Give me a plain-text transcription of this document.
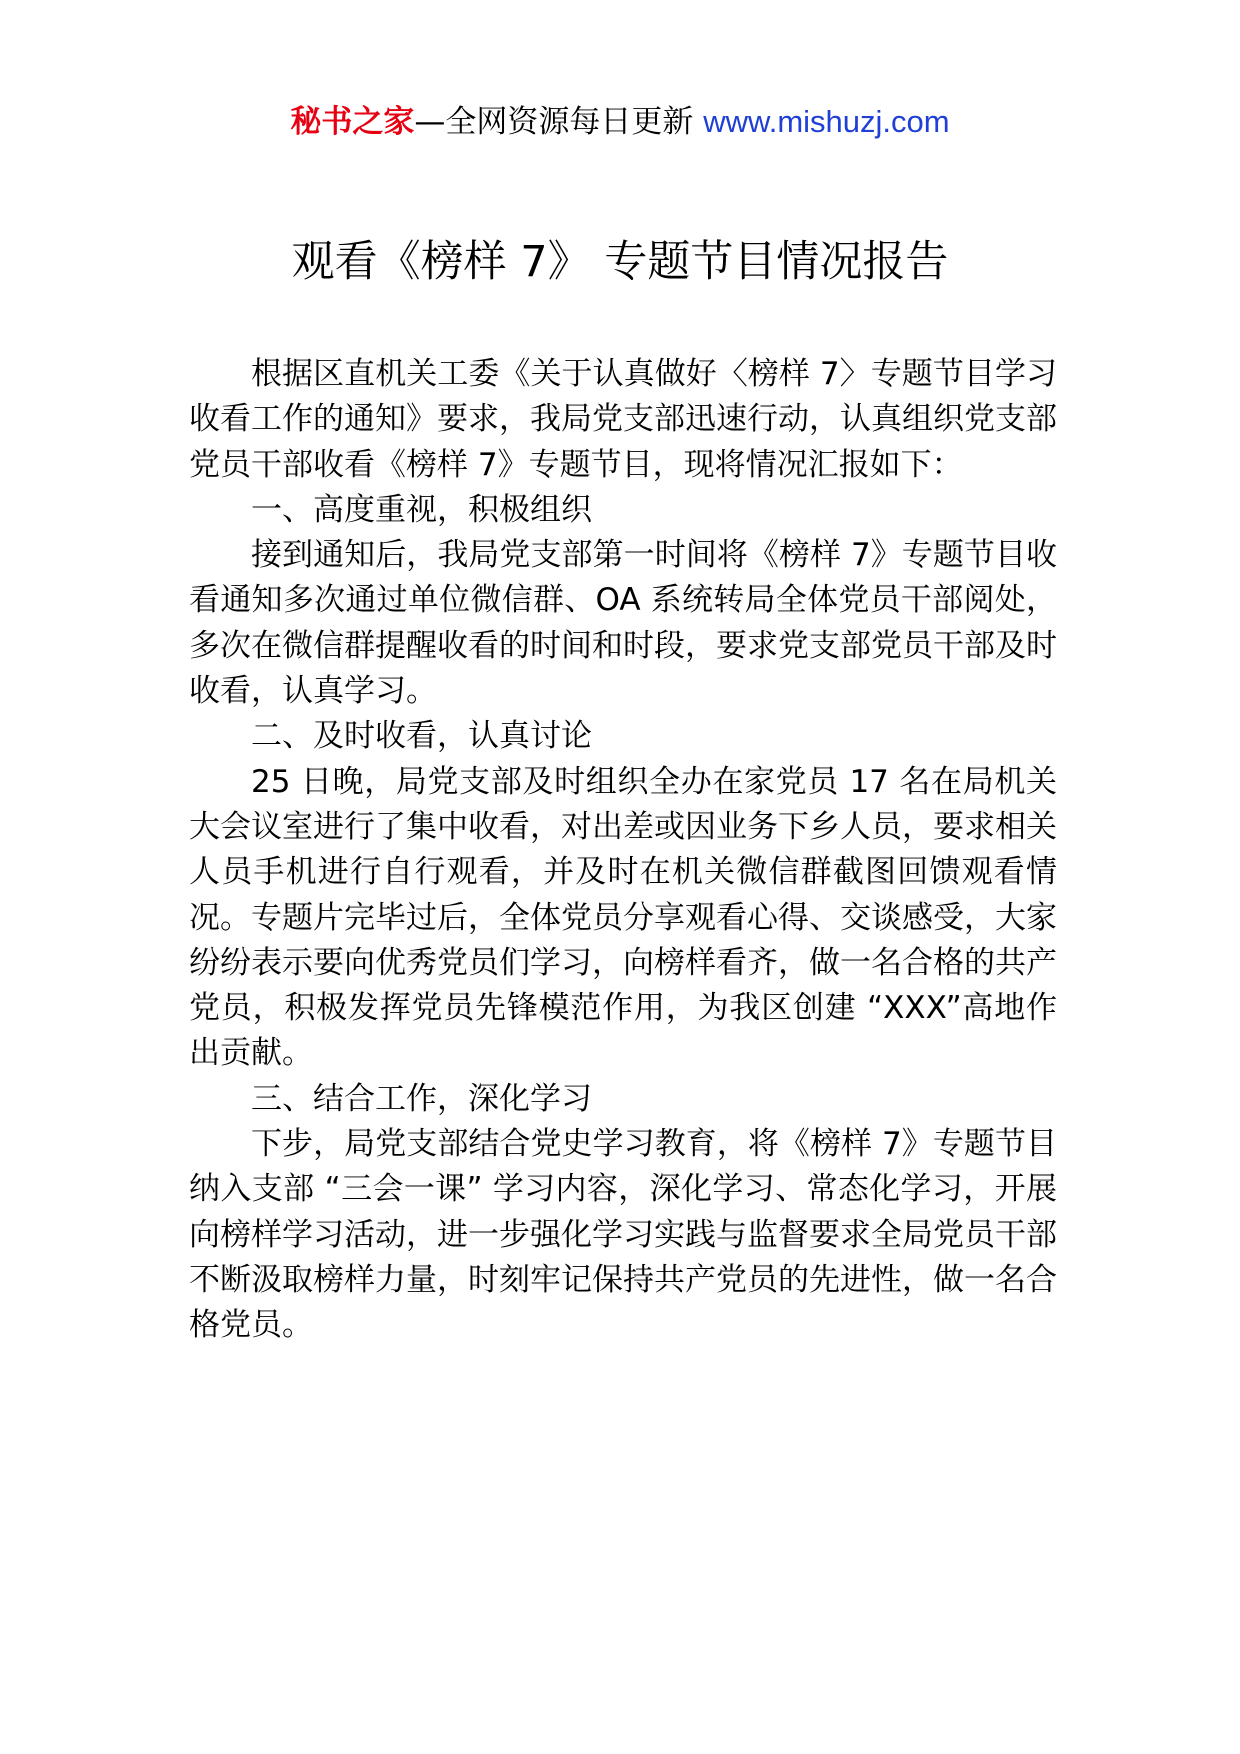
秘书之家—全网资源每日更新 www.mishuzj.com
观看《榜样 7》 专题节目情况报告

根据区直机关工委《关于认真做好〈榜样 7〉专题节目学习收看工作的通知》要求，我局党支部迅速行动，认真组织党支部党员干部收看《榜样 7》专题节目，现将情况汇报如下：

一、高度重视，积极组织

接到通知后，我局党支部第一时间将《榜样 7》专题节目收看通知多次通过单位微信群、OA 系统转局全体党员干部阅处，多次在微信群提醒收看的时间和时段，要求党支部党员干部及时收看，认真学习。

二、及时收看，认真讨论

25 日晚，局党支部及时组织全办在家党员 17 名在局机关大会议室进行了集中收看，对出差或因业务下乡人员，要求相关人员手机进行自行观看，并及时在机关微信群截图回馈观看情况。专题片完毕过后，全体党员分享观看心得、交谈感受，大家纷纷表示要向优秀党员们学习，向榜样看齐，做一名合格的共产党员，积极发挥党员先锋模范作用，为我区创建 “XXX”高地作出贡献。

三、结合工作，深化学习

下步，局党支部结合党史学习教育，将《榜样 7》专题节目纳入支部 “三会一课” 学习内容，深化学习、常态化学习，开展向榜样学习活动，进一步强化学习实践与监督要求全局党员干部不断汲取榜样力量，时刻牢记保持共产党员的先进性，做一名合格党员。
